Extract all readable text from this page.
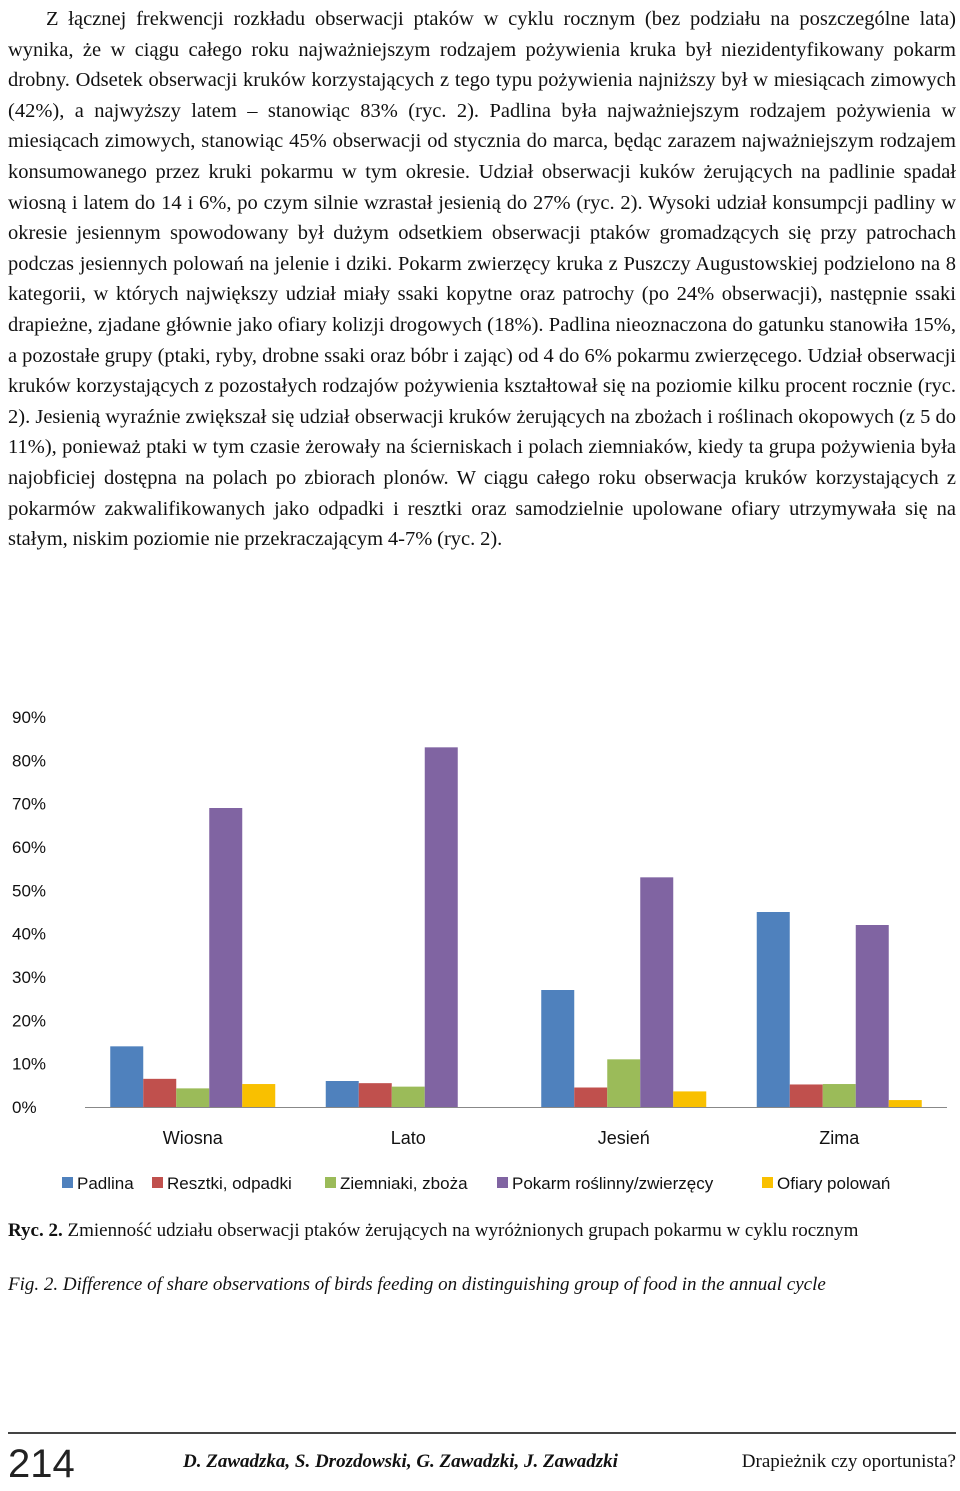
Z łącznej frekwencji rozkładu obserwacji ptaków w cyklu rocznym (bez podziału na poszczególne lata) wynika, że w ciągu całego roku najważniejszym rodzajem pożywienia kruka był niezidentyfikowany pokarm drobny. Odsetek obserwacji kruków korzystających z tego typu pożywienia najniższy był w miesiącach zimowych (42%), a najwyższy latem – stanowiąc 83% (ryc. 2). Padlina była najważniejszym rodzajem pożywienia w miesiącach zimowych, stanowiąc 45% obserwacji od stycznia do marca, będąc zarazem najważniejszym rodzajem konsumowanego przez kruki pokarmu w tym okresie. Udział obserwacji kuków żerujących na padlinie spadał wiosną i latem do 14 i 6%, po czym silnie wzrastał jesienią do 27% (ryc. 2). Wysoki udział konsumpcji padliny w okresie jesiennym spowodowany był dużym odsetkiem obserwacji ptaków gromadzących się przy patrochach podczas jesiennych polowań na jelenie i dziki. Pokarm zwierzęcy kruka z Puszczy Augustowskiej podzielono na 8 kategorii, w których największy udział miały ssaki kopytne oraz patrochy (po 24% obserwacji), następnie ssaki drapieżne, zjadane głównie jako ofiary kolizji drogowych (18%). Padlina nieoznaczona do gatunku stanowiła 15%, a pozostałe grupy (ptaki, ryby, drobne ssaki oraz bóbr i zając) od 4 do 6% pokarmu zwierzęcego. Udział obserwacji kruków korzystających z pozostałych rodzajów pożywienia kształtował się na poziomie kilku procent rocznie (ryc. 2). Jesienią wyraźnie zwiększał się udział obserwacji kruków żerujących na zbożach i roślinach okopowych (z 5 do 11%), ponieważ ptaki w tym czasie żerowały na ścierniskach i polach ziemniaków, kiedy ta grupa pożywienia była najobficiej dostępna na polach po zbiorach plonów. W ciągu całego roku obserwacja kruków korzystających z pokarmów zakwalifikowanych jako odpadki i resztki oraz samodzielnie upolowane ofiary utrzymywała się na stałym, niskim poziomie nie przekraczającym 4-7% (ryc. 2).

0%
10%
20%
30%
40%
50%
60%
70%
80%
90%
Wiosna	Lato	Jesień	Zima
Padlina Resztki, odpadki	Ziemniaki, zboża	Pokarm roślinny/zwierzęcy	Ofiary polowań
Ryc. 2. Zmienność udziału obserwacji ptaków żerujących na wyróżnionych grupach pokarmu w cyklu rocznym
Fig. 2. Difference of share observations of birds feeding on distinguishing group of food in the annual cycle
214	D. Zawadzka, S. Drozdowski, G. Zawadzki, J. Zawadzki	Drapieżnik czy oportunista?
